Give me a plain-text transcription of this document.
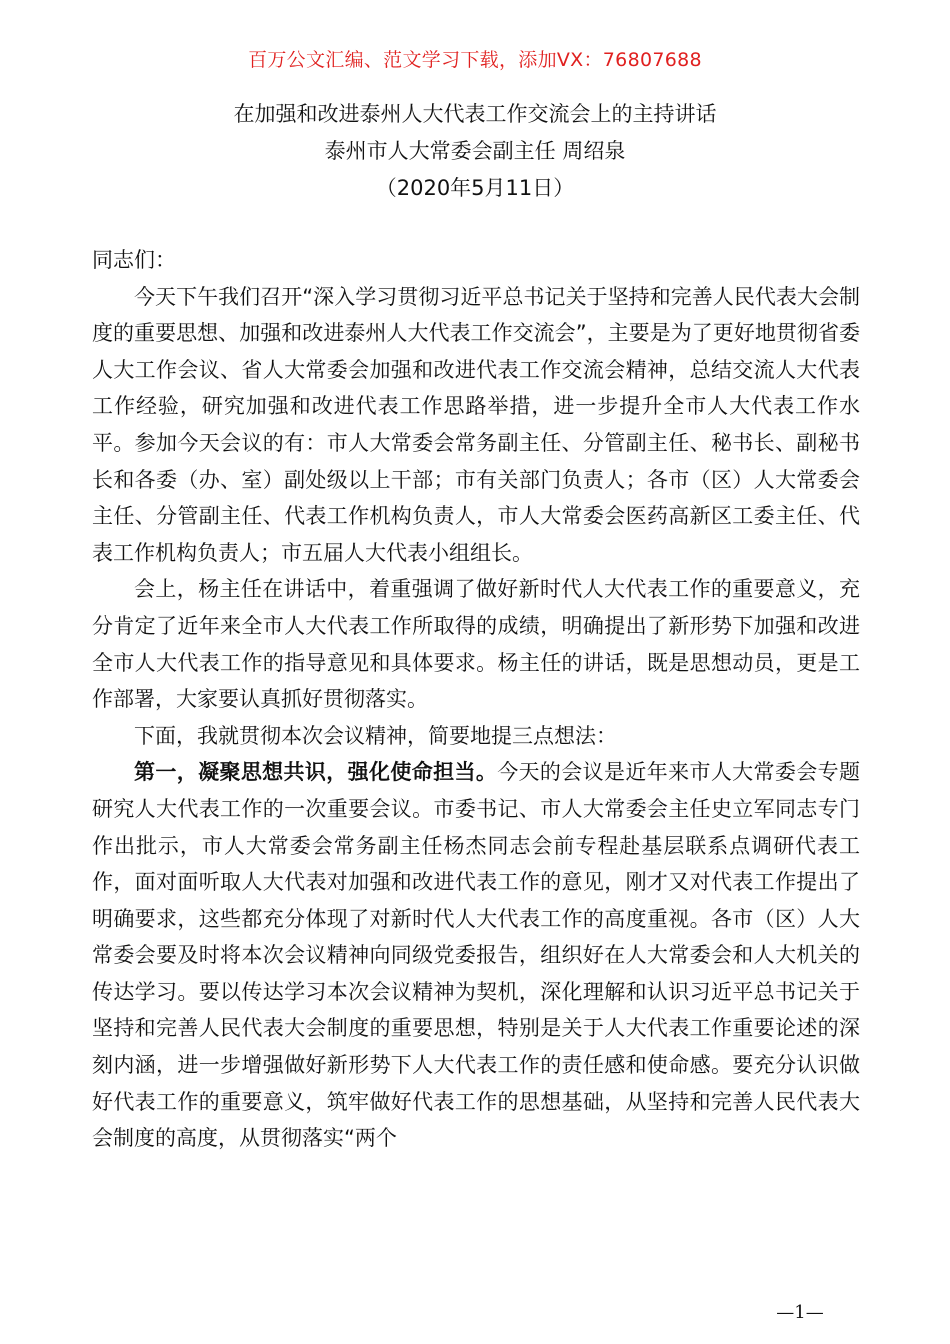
百万公文汇编、范文学习下载，添加VX：76807688
在加强和改进泰州人大代表工作交流会上的主持讲话
泰州市人大常委会副主任 周绍泉
（2020年5月11日）

同志们：

今天下午我们召开“深入学习贯彻习近平总书记关于坚持和完善人民代表大会制度的重要思想、加强和改进泰州人大代表工作交流会”，主要是为了更好地贯彻省委人大工作会议、省人大常委会加强和改进代表工作交流会精神，总结交流人大代表工作经验，研究加强和改进代表工作思路举措，进一步提升全市人大代表工作水平。参加今天会议的有：市人大常委会常务副主任、分管副主任、秘书长、副秘书长和各委（办、室）副处级以上干部；市有关部门负责人；各市（区）人大常委会主任、分管副主任、代表工作机构负责人，市人大常委会医药高新区工委主任、代表工作机构负责人；市五届人大代表小组组长。

会上，杨主任在讲话中，着重强调了做好新时代人大代表工作的重要意义，充分肯定了近年来全市人大代表工作所取得的成绩，明确提出了新形势下加强和改进全市人大代表工作的指导意见和具体要求。杨主任的讲话，既是思想动员，更是工作部署，大家要认真抓好贯彻落实。

下面，我就贯彻本次会议精神，简要地提三点想法：

第一，凝聚思想共识，强化使命担当。今天的会议是近年来市人大常委会专题研究人大代表工作的一次重要会议。市委书记、市人大常委会主任史立军同志专门作出批示，市人大常委会常务副主任杨杰同志会前专程赴基层联系点调研代表工作，面对面听取人大代表对加强和改进代表工作的意见，刚才又对代表工作提出了明确要求，这些都充分体现了对新时代人大代表工作的高度重视。各市（区）人大常委会要及时将本次会议精神向同级党委报告，组织好在人大常委会和人大机关的传达学习。要以传达学习本次会议精神为契机，深化理解和认识习近平总书记关于坚持和完善人民代表大会制度的重要思想，特别是关于人大代表工作重要论述的深刻内涵，进一步增强做好新形势下人大代表工作的责任感和使命感。要充分认识做好代表工作的重要意义，筑牢做好代表工作的思想基础，从坚持和完善人民代表大会制度的高度，从贯彻落实“两个

—1—
